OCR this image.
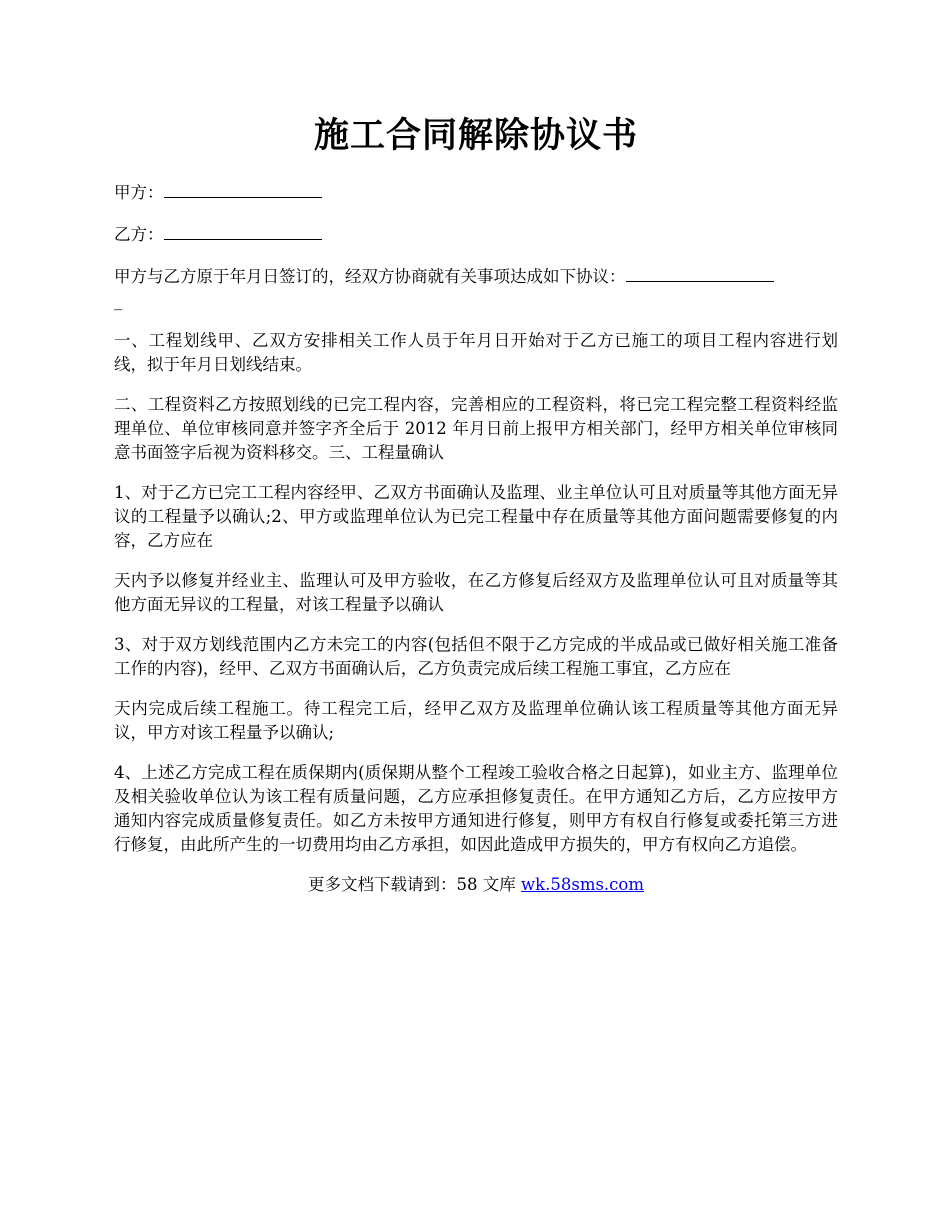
施工合同解除协议书

甲方：

乙方：

甲方与乙方原于年月日签订的，经双方协商就有关事项达成如下协议：
_

一、工程划线甲、乙双方安排相关工作人员于年月日开始对于乙方已施工的项目工程内容进行划线，拟于年月日划线结束。

二、工程资料乙方按照划线的已完工程内容，完善相应的工程资料，将已完工程完整工程资料经监理单位、单位审核同意并签字齐全后于 2012 年月日前上报甲方相关部门，经甲方相关单位审核同意书面签字后视为资料移交。三、工程量确认

1、对于乙方已完工工程内容经甲、乙双方书面确认及监理、业主单位认可且对质量等其他方面无异议的工程量予以确认;2、甲方或监理单位认为已完工程量中存在质量等其他方面问题需要修复的内容，乙方应在

天内予以修复并经业主、监理认可及甲方验收，在乙方修复后经双方及监理单位认可且对质量等其他方面无异议的工程量，对该工程量予以确认

3、对于双方划线范围内乙方未完工的内容(包括但不限于乙方完成的半成品或已做好相关施工准备工作的内容)，经甲、乙双方书面确认后，乙方负责完成后续工程施工事宜，乙方应在

天内完成后续工程施工。待工程完工后，经甲乙双方及监理单位确认该工程质量等其他方面无异议，甲方对该工程量予以确认;

4、上述乙方完成工程在质保期内(质保期从整个工程竣工验收合格之日起算)，如业主方、监理单位及相关验收单位认为该工程有质量问题，乙方应承担修复责任。在甲方通知乙方后，乙方应按甲方通知内容完成质量修复责任。如乙方未按甲方通知进行修复，则甲方有权自行修复或委托第三方进行修复，由此所产生的一切费用均由乙方承担，如因此造成甲方损失的，甲方有权向乙方追偿。

更多文档下载请到：58 文库 wk.58sms.com
